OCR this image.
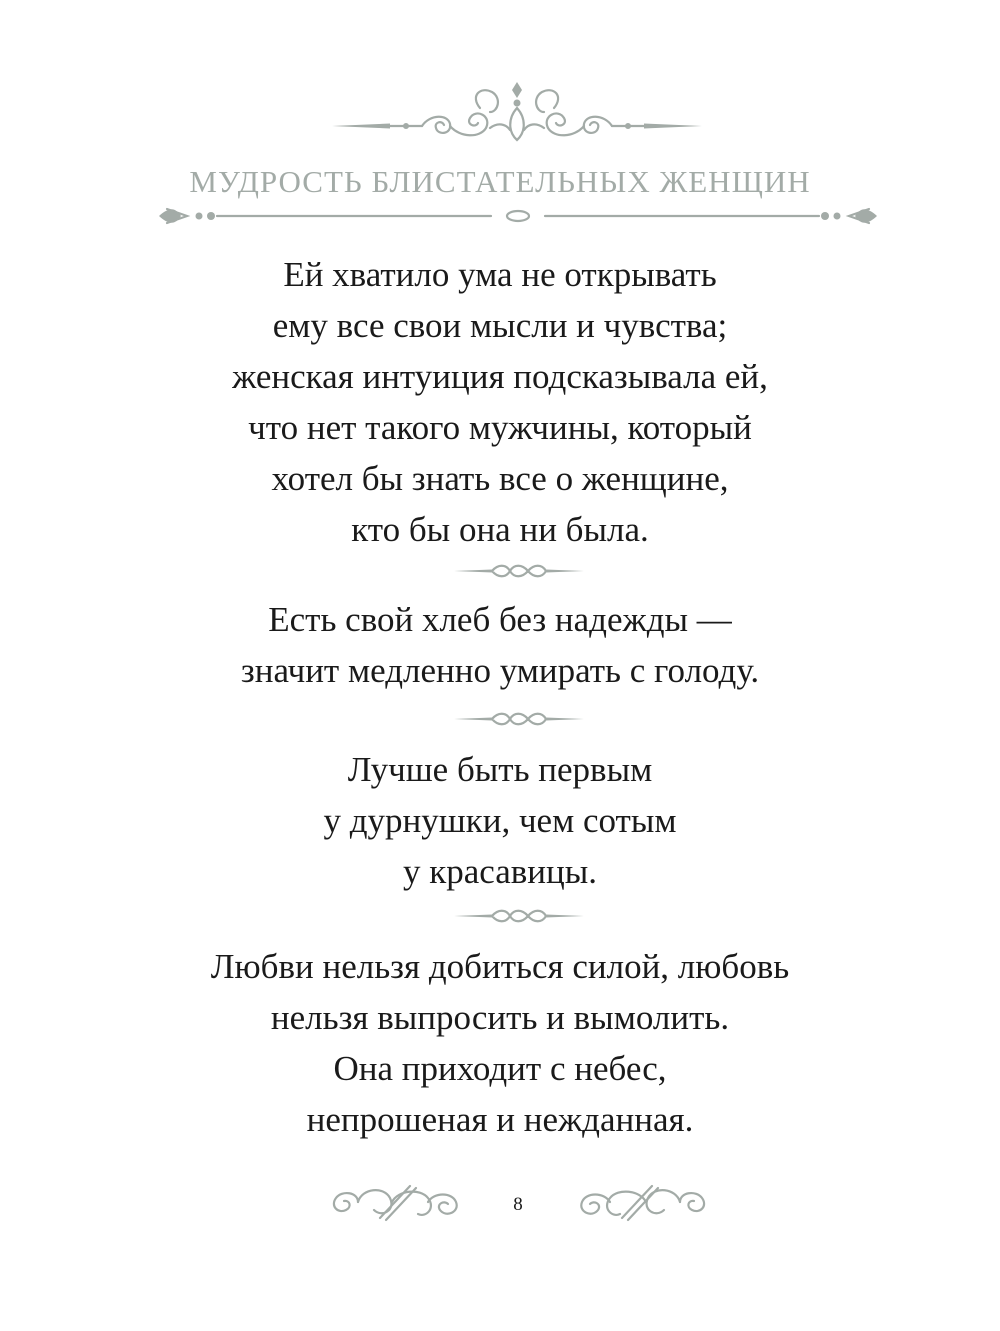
МУДРОСТЬ БЛИСТАТЕЛЬНЫХ ЖЕНЩИН
Ей хватило ума не открывать
ему все свои мысли и чувства;
женская интуиция подсказывала ей,
что нет такого мужчины, который
хотел бы знать все о женщине,
кто бы она ни была.
Есть свой хлеб без надежды —
значит медленно умирать с голоду.
Лучше быть первым
у дурнушки, чем сотым
у красавицы.
Любви нельзя добиться силой, любовь
нельзя выпросить и вымолить.
Она приходит с небес,
непрошеная и нежданная.
8
